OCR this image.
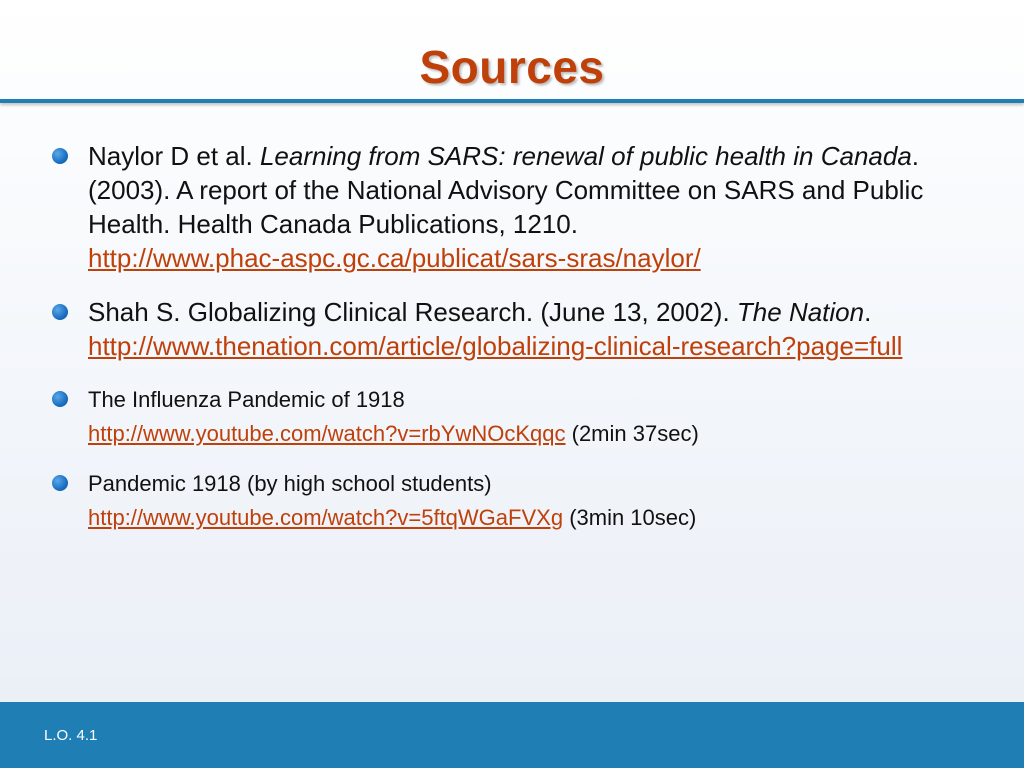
Sources
Naylor D et al. Learning from SARS: renewal of public health in Canada. (2003). A report of the National Advisory Committee on SARS and Public Health. Health Canada Publications, 1210.
http://www.phac-aspc.gc.ca/publicat/sars-sras/naylor/
Shah S. Globalizing Clinical Research. (June 13, 2002). The Nation.
http://www.thenation.com/article/globalizing-clinical-research?page=full
The Influenza Pandemic of 1918
http://www.youtube.com/watch?v=rbYwNOcKqqc (2min 37sec)
Pandemic 1918 (by high school students)
http://www.youtube.com/watch?v=5ftqWGaFVXg (3min 10sec)
L.O. 4.1
